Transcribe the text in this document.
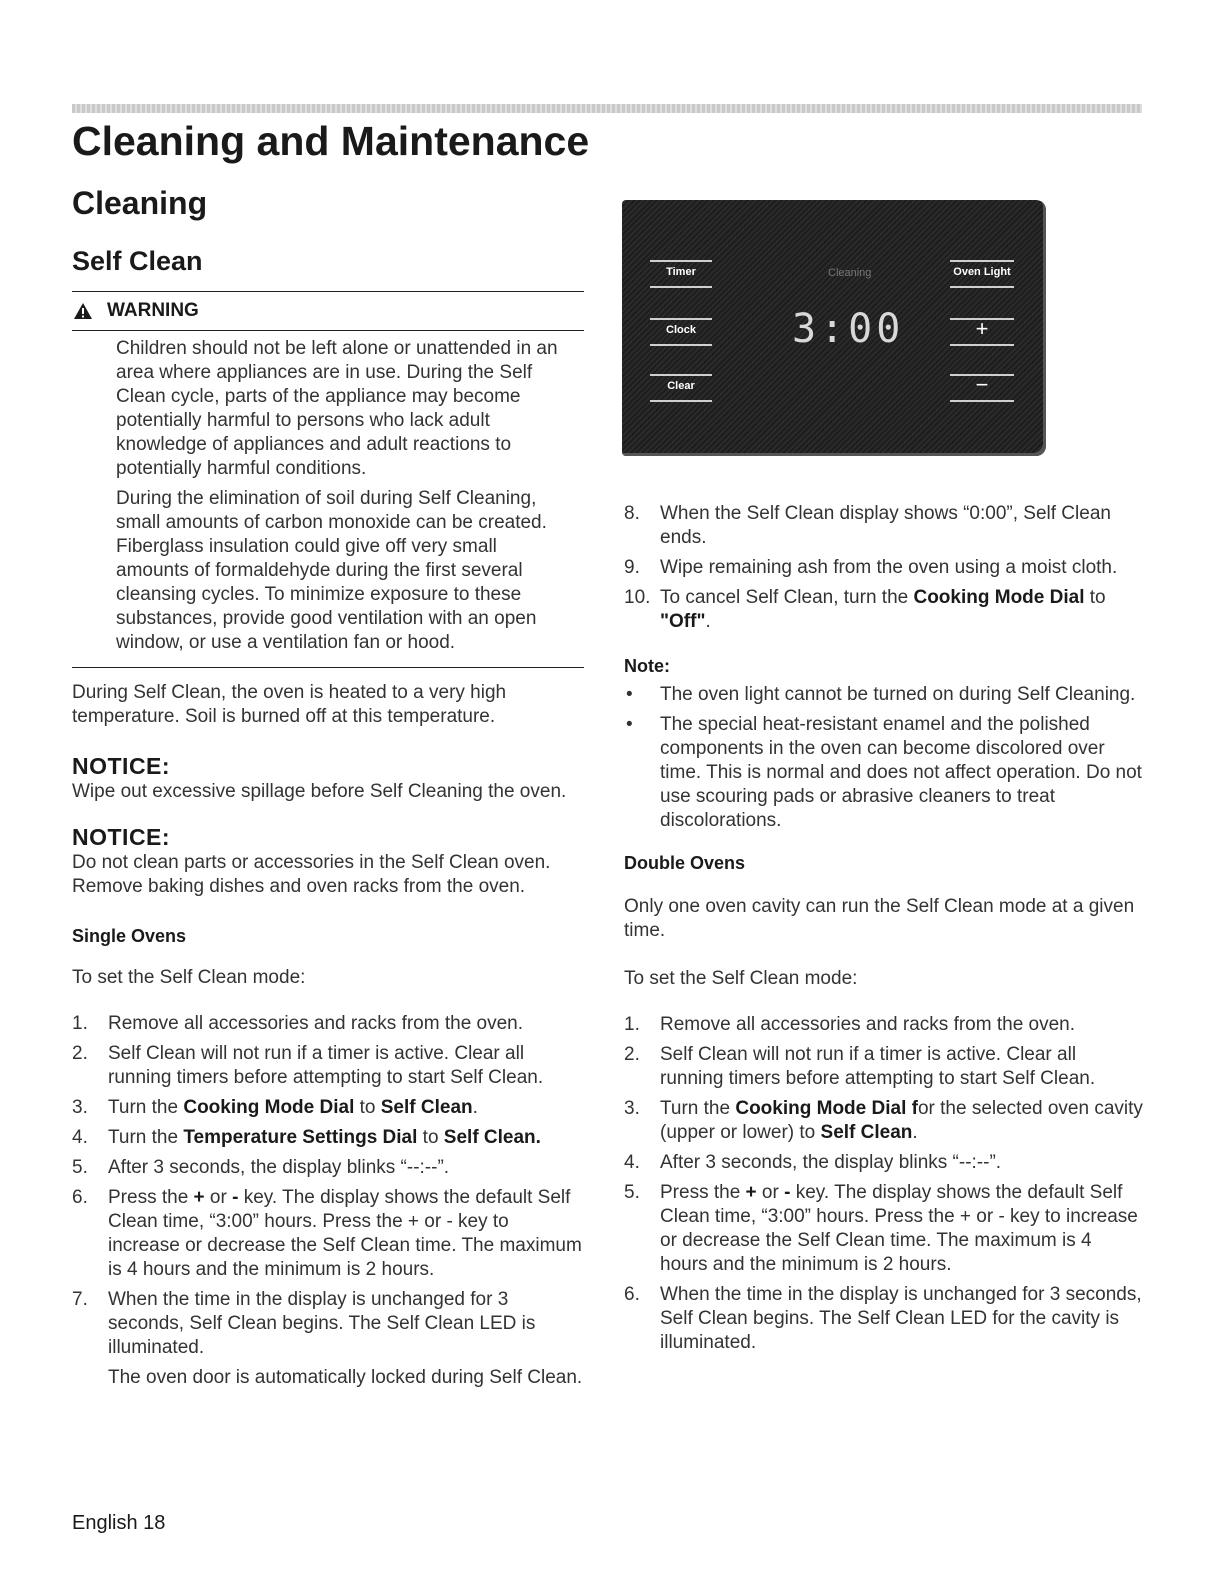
Cleaning and Maintenance
Cleaning
Self Clean
WARNING

Children should not be left alone or unattended in an area where appliances are in use. During the Self Clean cycle, parts of the appliance may become potentially harmful to persons who lack adult knowledge of appliances and adult reactions to potentially harmful conditions.

During the elimination of soil during Self Cleaning, small amounts of carbon monoxide can be created. Fiberglass insulation could give off very small amounts of formaldehyde during the first several cleansing cycles. To minimize exposure to these substances, provide good ventilation with an open window, or use a ventilation fan or hood.

During Self Clean, the oven is heated to a very high temperature. Soil is burned off at this temperature.

NOTICE:

Wipe out excessive spillage before Self Cleaning the oven.

NOTICE:

Do not clean parts or accessories in the Self Clean oven. Remove baking dishes and oven racks from the oven.

Single Ovens

To set the Self Clean mode:

1.	Remove all accessories and racks from the oven.
2.	Self Clean will not run if a timer is active. Clear all running timers before attempting to start Self Clean.
3.	Turn the Cooking Mode Dial to Self Clean.
4.	Turn the Temperature Settings Dial to Self Clean.
5.	After 3 seconds, the display blinks “--:--”.
6.	Press the + or - key. The display shows the default Self Clean time, “3:00” hours. Press the + or - key to increase or decrease the Self Clean time. The maximum is 4 hours and the minimum is 2 hours.
7.	When the time in the display is unchanged for 3 seconds, Self Clean begins. The Self Clean LED is illuminated.

The oven door is automatically locked during Self Clean.

Timer	Cleaning	Oven Light
Clock	3:00	+
Clear	−
8.	When the Self Clean display shows “0:00”, Self Clean ends.
9.	Wipe remaining ash from the oven using a moist cloth.
10. To cancel Self Clean, turn the Cooking Mode Dial to "Off".
Note:
•	The oven light cannot be turned on during Self Cleaning.
•	The special heat-resistant enamel and the polished components in the oven can become discolored over time. This is normal and does not affect operation. Do not use scouring pads or abrasive cleaners to treat discolorations.
Double Ovens

Only one oven cavity can run the Self Clean mode at a given time.

To set the Self Clean mode:

1.	Remove all accessories and racks from the oven.
2.	Self Clean will not run if a timer is active. Clear all running timers before attempting to start Self Clean.
3.	Turn the Cooking Mode Dial for the selected oven cavity (upper or lower) to Self Clean.
4.	After 3 seconds, the display blinks “--:--”.
5.	Press the + or - key. The display shows the default Self Clean time, “3:00” hours. Press the + or - key to increase or decrease the Self Clean time. The maximum is 4 hours and the minimum is 2 hours.
6.	When the time in the display is unchanged for 3 seconds, Self Clean begins. The Self Clean LED for the cavity is illuminated.
English 18
